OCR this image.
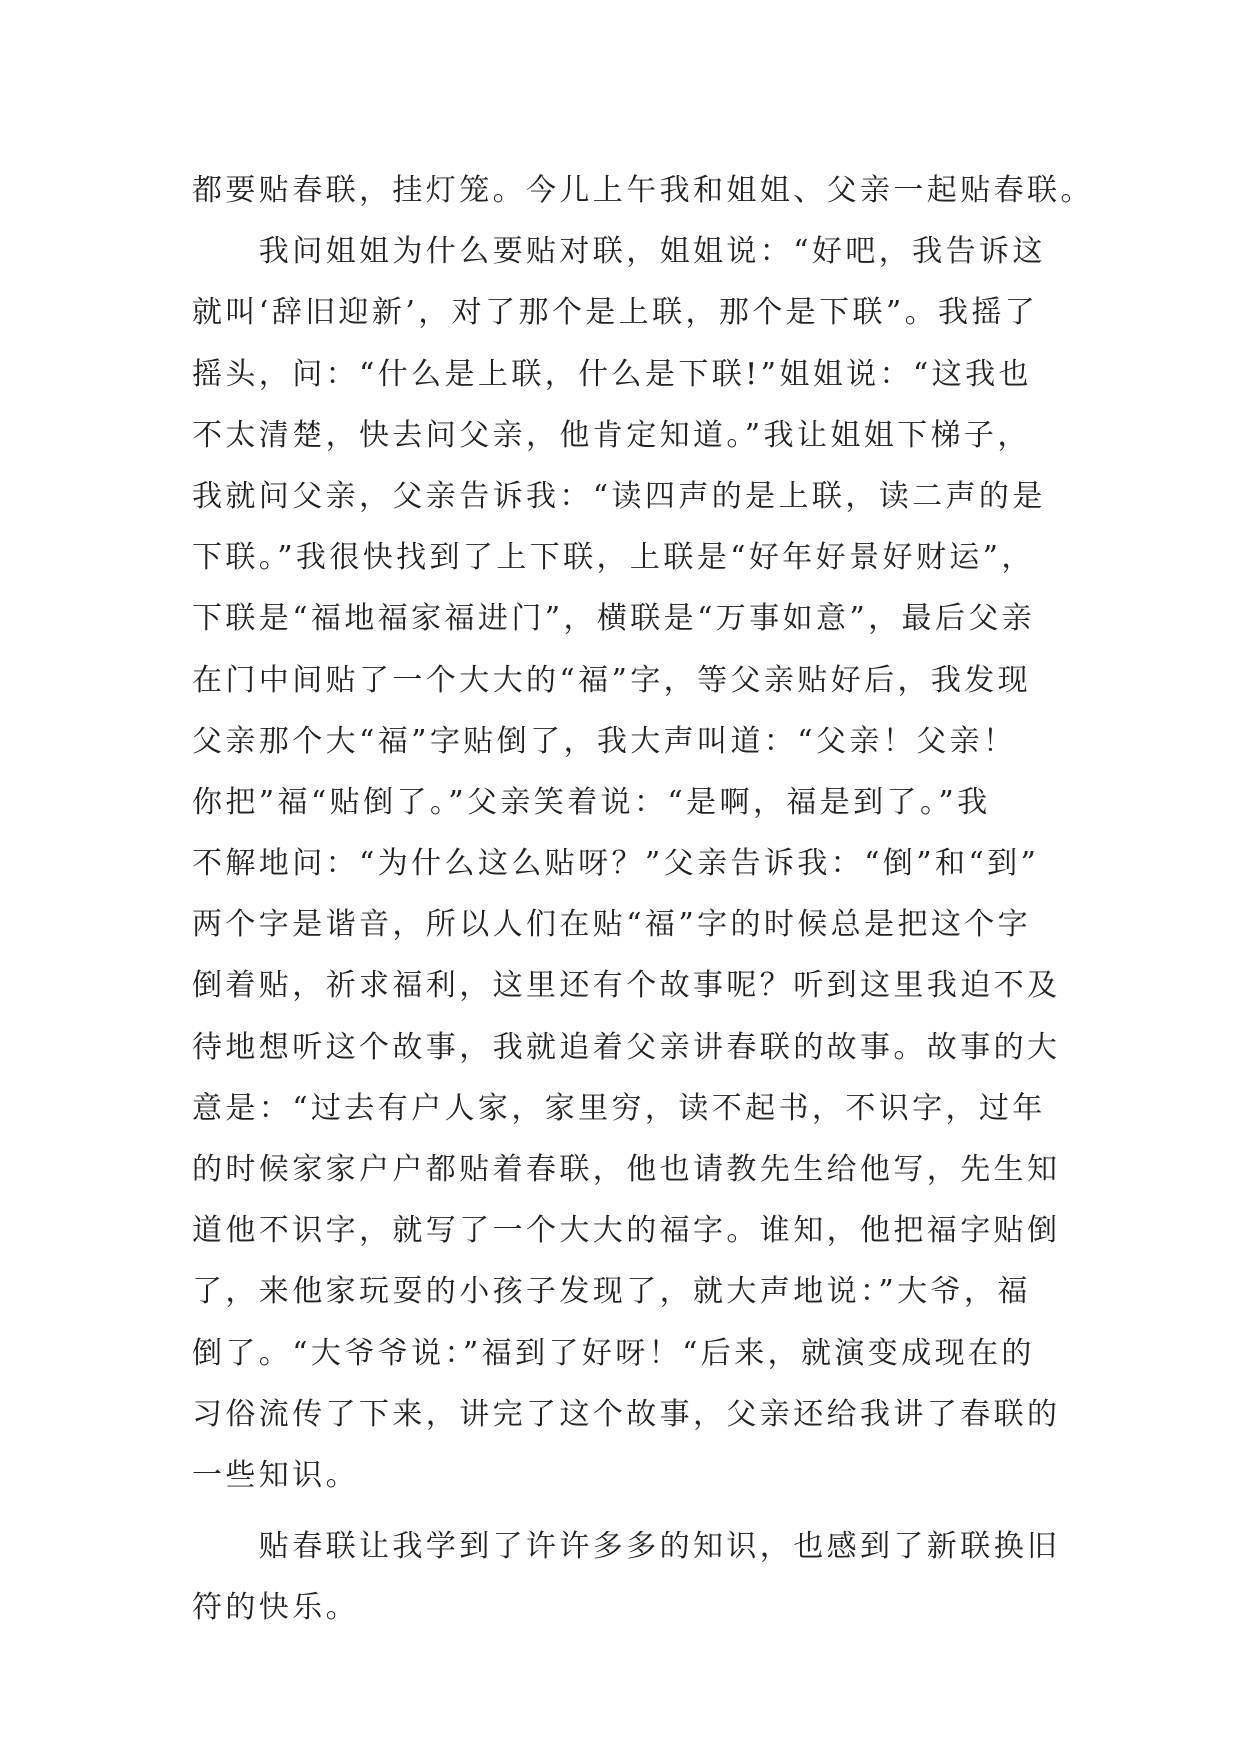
都要贴春联，挂灯笼。今儿上午我和姐姐、父亲一起贴春联。
　　我问姐姐为什么要贴对联，姐姐说：“好吧，我告诉这
就叫‘辞旧迎新’，对了那个是上联，那个是下联”。我摇了
摇头，问：“什么是上联，什么是下联!”姐姐说：“这我也
不太清楚，快去问父亲，他肯定知道。”我让姐姐下梯子，
我就问父亲，父亲告诉我：“读四声的是上联，读二声的是
下联。”我很快找到了上下联，上联是“好年好景好财运”，
下联是“福地福家福进门”，横联是“万事如意”，最后父亲
在门中间贴了一个大大的“福”字，等父亲贴好后，我发现
父亲那个大“福”字贴倒了，我大声叫道：“父亲！父亲！
你把”福“贴倒了。”父亲笑着说：“是啊，福是到了。”我
不解地问：“为什么这么贴呀？”父亲告诉我：“倒”和“到”
两个字是谐音，所以人们在贴“福”字的时候总是把这个字
倒着贴，祈求福利，这里还有个故事呢？听到这里我迫不及
待地想听这个故事，我就追着父亲讲春联的故事。故事的大
意是：“过去有户人家，家里穷，读不起书，不识字，过年
的时候家家户户都贴着春联，他也请教先生给他写，先生知
道他不识字，就写了一个大大的福字。谁知，他把福字贴倒
了，来他家玩耍的小孩子发现了，就大声地说：”大爷，福
倒了。“大爷爷说：”福到了好呀！“后来，就演变成现在的
习俗流传了下来，讲完了这个故事，父亲还给我讲了春联的
一些知识。
　　贴春联让我学到了许许多多的知识，也感到了新联换旧
符的快乐。
